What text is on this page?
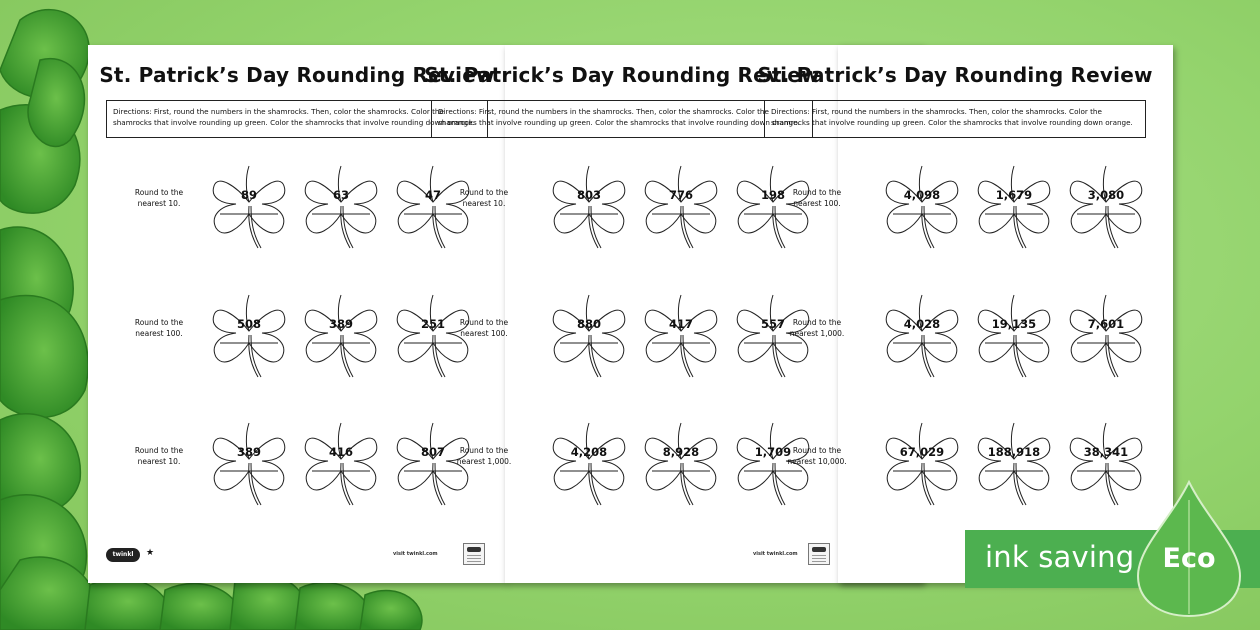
St. Patrick’s Day Rounding Review
Directions: First, round the numbers in the shamrocks. Then, color the shamrocks. Color the shamrocks that involve rounding up green. Color the shamrocks that involve rounding down orange.
Round to the nearest 10.
Round to the nearest 100.
Round to the nearest 10.
89	63	47
508	389	251
389	416	807
twinkl	★	visit twinkl.com
St. Patrick’s Day Rounding Review
Directions: First, round the numbers in the shamrocks. Then, color the shamrocks. Color the shamrocks that involve rounding up green. Color the shamrocks that involve rounding down orange.
Round to the nearest 10.
Round to the nearest 100.
Round to the nearest 1,000.
803	776	198
880	417	557
4,208	8,928	1,709
visit twinkl.com
St. Patrick’s Day Rounding Review
Directions: First, round the numbers in the shamrocks. Then, color the shamrocks. Color the shamrocks that involve rounding up green. Color the shamrocks that involve rounding down orange.
Round to the nearest 100.
Round to the nearest 1,000.
Round to the nearest 10,000.
4,098	1,679	3,080
4,028	19,135	7,601
67,029	188,918	38,341
ink saving Eco
